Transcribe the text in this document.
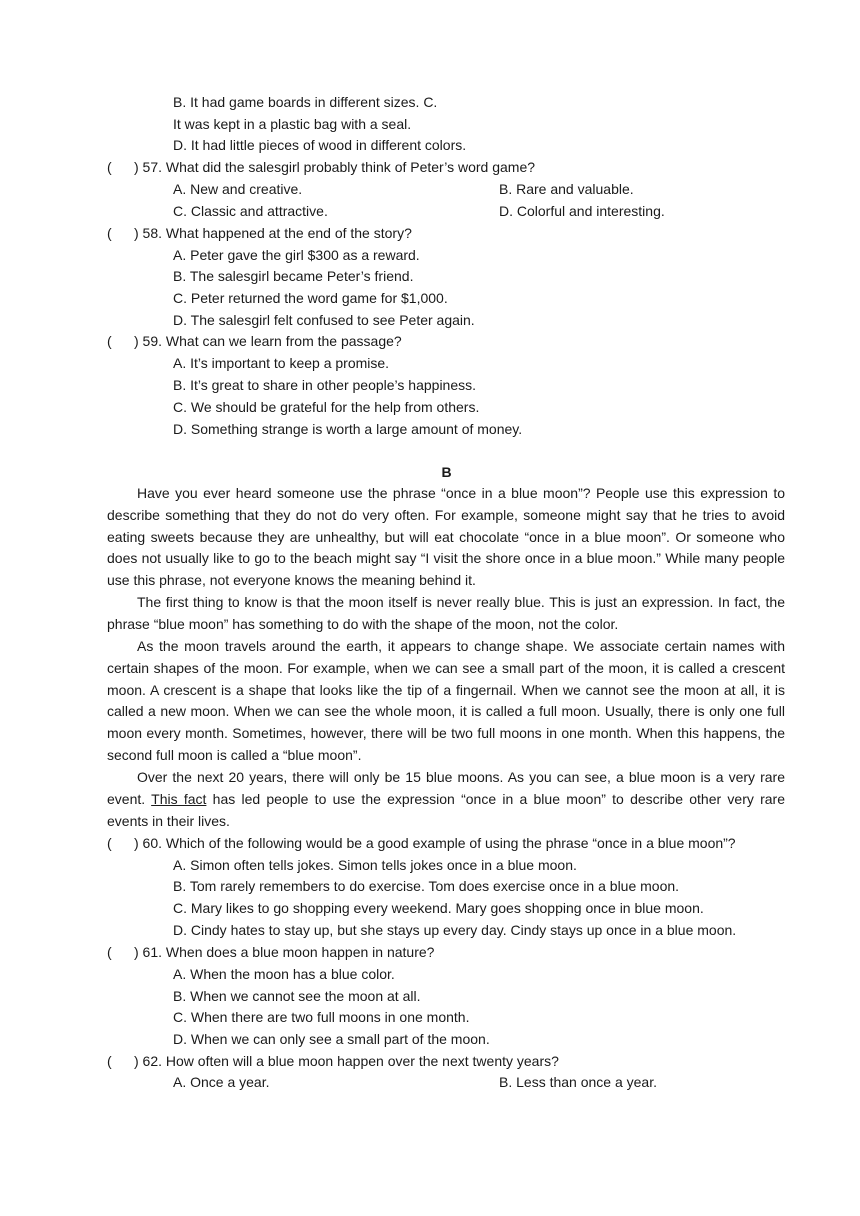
B. It had game boards in different sizes. C.
It was kept in a plastic bag with a seal.
D. It had little pieces of wood in different colors.
( ) 57. What did the salesgirl probably think of Peter’s word game?
A. New and creative.	B. Rare and valuable.
C. Classic and attractive.	D. Colorful and interesting.
( ) 58. What happened at the end of the story?
A. Peter gave the girl $300 as a reward.
B. The salesgirl became Peter’s friend.
C. Peter returned the word game for $1,000.
D. The salesgirl felt confused to see Peter again.
( ) 59. What can we learn from the passage?
A. It’s important to keep a promise.
B. It’s great to share in other people’s happiness.
C. We should be grateful for the help from others.
D. Something strange is worth a large amount of money.
B
Have you ever heard someone use the phrase “once in a blue moon”? People use this expression to describe something that they do not do very often. For example, someone might say that he tries to avoid eating sweets because they are unhealthy, but will eat chocolate “once in a blue moon”. Or someone who does not usually like to go to the beach might say “I visit the shore once in a blue moon.” While many people use this phrase, not everyone knows the meaning behind it.
The first thing to know is that the moon itself is never really blue. This is just an expression. In fact, the phrase “blue moon” has something to do with the shape of the moon, not the color.
As the moon travels around the earth, it appears to change shape. We associate certain names with certain shapes of the moon. For example, when we can see a small part of the moon, it is called a crescent moon. A crescent is a shape that looks like the tip of a fingernail. When we cannot see the moon at all, it is called a new moon. When we can see the whole moon, it is called a full moon. Usually, there is only one full moon every month. Sometimes, however, there will be two full moons in one month. When this happens, the second full moon is called a “blue moon”.
Over the next 20 years, there will only be 15 blue moons. As you can see, a blue moon is a very rare event. This fact has led people to use the expression “once in a blue moon” to describe other very rare events in their lives.
( ) 60. Which of the following would be a good example of using the phrase “once in a blue moon”?
A. Simon often tells jokes. Simon tells jokes once in a blue moon.
B. Tom rarely remembers to do exercise. Tom does exercise once in a blue moon.
C. Mary likes to go shopping every weekend. Mary goes shopping once in blue moon.
D. Cindy hates to stay up, but she stays up every day. Cindy stays up once in a blue moon.
( ) 61. When does a blue moon happen in nature?
A. When the moon has a blue color.
B. When we cannot see the moon at all.
C. When there are two full moons in one month.
D. When we can only see a small part of the moon.
( ) 62. How often will a blue moon happen over the next twenty years?
A. Once a year.	B. Less than once a year.
